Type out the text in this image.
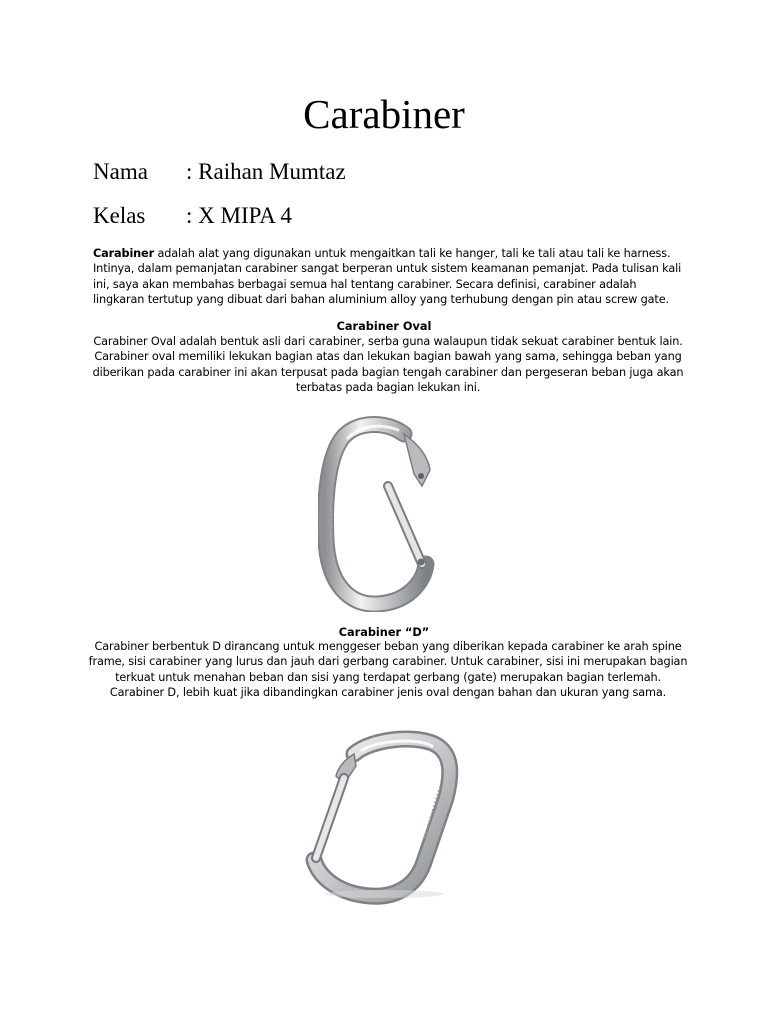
Carabiner
Nama : Raihan Mumtaz
Kelas : X MIPA 4

Carabiner adalah alat yang digunakan untuk mengaitkan tali ke hanger, tali ke tali atau tali ke harness. Intinya, dalam pemanjatan carabiner sangat berperan untuk sistem keamanan pemanjat. Pada tulisan kali ini, saya akan membahas berbagai semua hal tentang carabiner. Secara definisi, carabiner adalah lingkaran tertutup yang dibuat dari bahan aluminium alloy yang terhubung dengan pin atau screw gate.

Carabiner Oval

Carabiner Oval adalah bentuk asli dari carabiner, serba guna walaupun tidak sekuat carabiner bentuk lain. Carabiner oval memiliki lekukan bagian atas dan lekukan bagian bawah yang sama, sehingga beban yang diberikan pada carabiner ini akan terpusat pada bagian tengah carabiner dan pergeseran beban juga akan terbatas pada bagian lekukan ini.

Carabiner “D”

Carabiner berbentuk D dirancang untuk menggeser beban yang diberikan kepada carabiner ke arah spine frame, sisi carabiner yang lurus dan jauh dari gerbang carabiner. Untuk carabiner, sisi ini merupakan bagian terkuat untuk menahan beban dan sisi yang terdapat gerbang (gate) merupakan bagian terlemah. Carabiner D, lebih kuat jika dibandingkan carabiner jenis oval dengan bahan dan ukuran yang sama.
